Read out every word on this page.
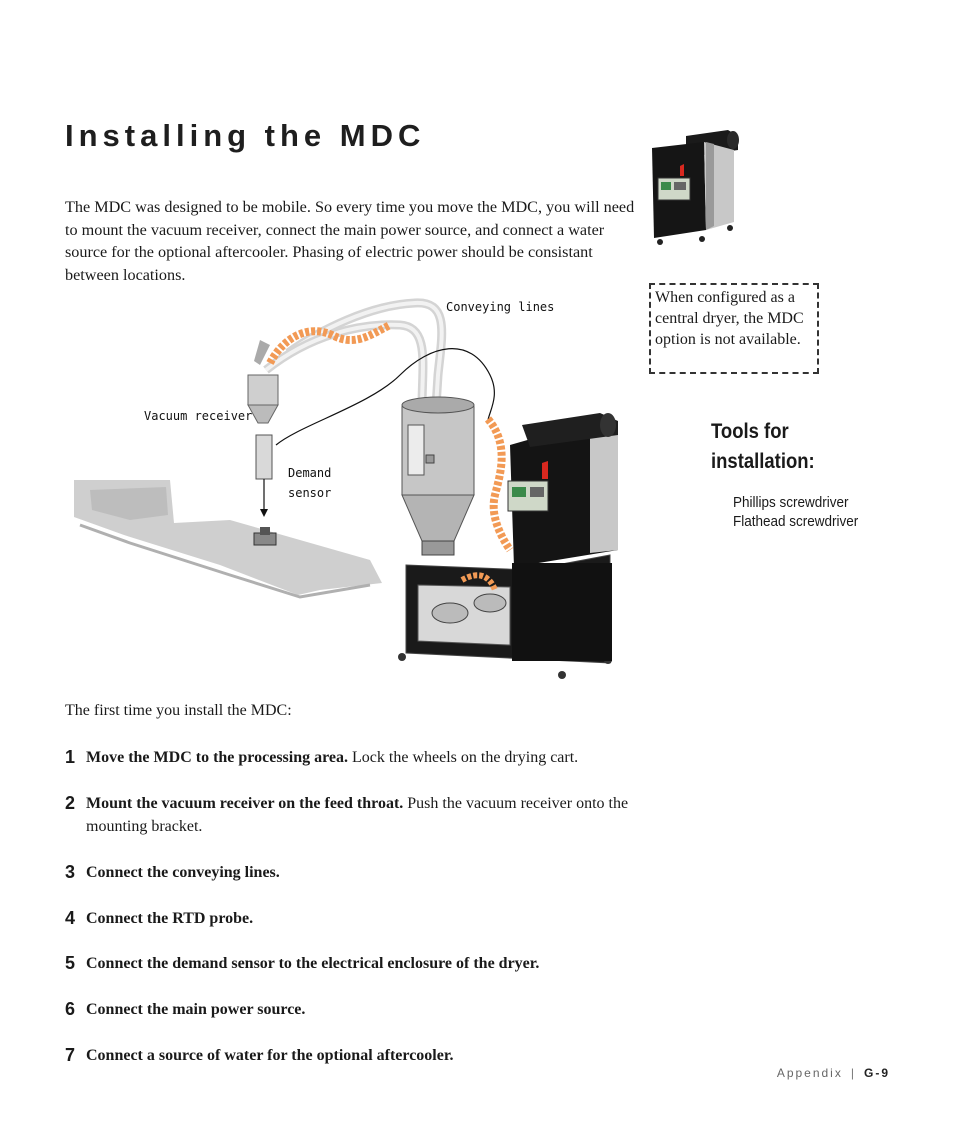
Installing the MDC

The MDC was designed to be mobile. So every time you move the MDC, you will need to mount the vacuum receiver, connect the main power source, and connect a water source for the optional aftercooler. Phasing of electric power should be consistant between locations.

When configured as a central dryer, the MDC option is not available.
Tools for
installation:
Phillips screwdriver
Flathead screwdriver
Conveying lines
Vacuum receiver
Demand
sensor
The first time you install the MDC:
1 Move the MDC to the processing area. Lock the wheels on the drying cart.
2 Mount the vacuum receiver on the feed throat. Push the vacuum receiver onto the mounting bracket.
3 Connect the conveying lines.
4 Connect the RTD probe.
5 Connect the demand sensor to the electrical enclosure of the dryer.
6 Connect the main power source.
7 Connect a source of water for the optional aftercooler.
Appendix | G-9
